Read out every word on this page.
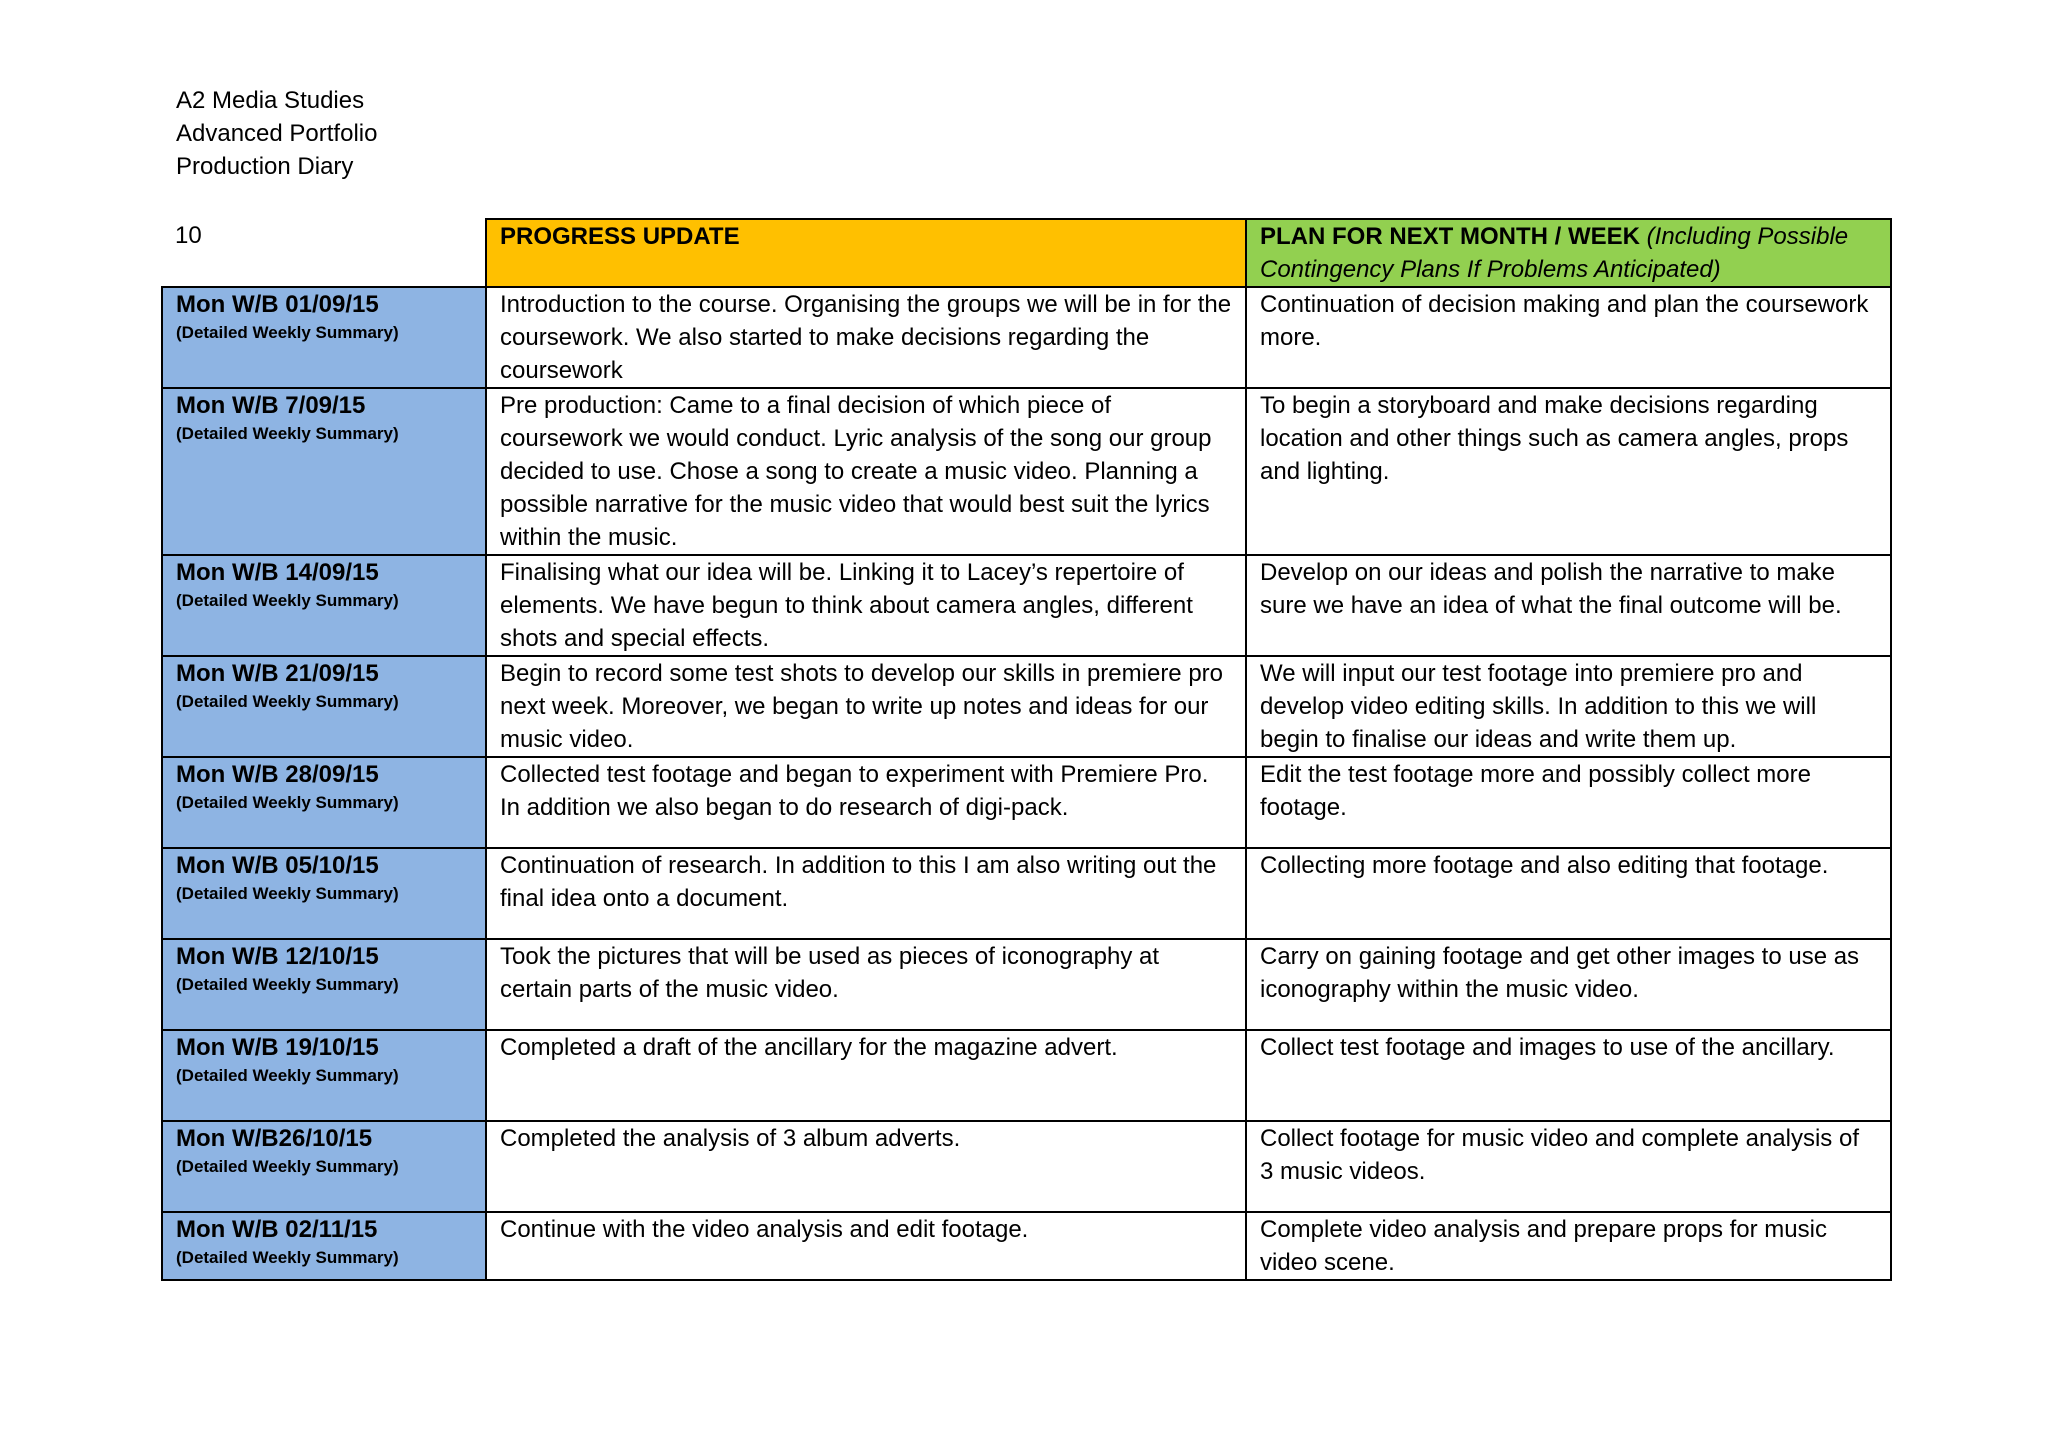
A2 Media Studies
Advanced Portfolio
Production Diary
10	PROGRESS UPDATE	PLAN FOR NEXT MONTH / WEEK (Including Possible Contingency Plans If Problems Anticipated)

Mon W/B 01/09/15
(Detailed Weekly Summary)	Introduction to the course. Organising the groups we will be in for the coursework. We also started to make decisions regarding the coursework	Continuation of decision making and plan the coursework more.

Mon W/B 7/09/15
(Detailed Weekly Summary)	Pre production: Came to a final decision of which piece of coursework we would conduct. Lyric analysis of the song our group decided to use. Chose a song to create a music video. Planning a possible narrative for the music video that would best suit the lyrics within the music.	To begin a storyboard and make decisions regarding location and other things such as camera angles, props and lighting.

Mon W/B 14/09/15
(Detailed Weekly Summary)	Finalising what our idea will be. Linking it to Lacey’s repertoire of elements. We have begun to think about camera angles, different shots and special effects.	Develop on our ideas and polish the narrative to make sure we have an idea of what the final outcome will be.

Mon W/B 21/09/15
(Detailed Weekly Summary)	Begin to record some test shots to develop our skills in premiere pro next week. Moreover, we began to write up notes and ideas for our music video.	We will input our test footage into premiere pro and develop video editing skills. In addition to this we will begin to finalise our ideas and write them up.

Mon W/B 28/09/15
(Detailed Weekly Summary)	Collected test footage and began to experiment with Premiere Pro. In addition we also began to do research of digi-pack.	Edit the test footage more and possibly collect more footage.

Mon W/B 05/10/15
(Detailed Weekly Summary)	Continuation of research. In addition to this I am also writing out the final idea onto a document.	Collecting more footage and also editing that footage.

Mon W/B 12/10/15
(Detailed Weekly Summary)	Took the pictures that will be used as pieces of iconography at certain parts of the music video.	Carry on gaining footage and get other images to use as iconography within the music video.

Mon W/B 19/10/15
(Detailed Weekly Summary)	Completed a draft of the ancillary for the magazine advert.	Collect test footage and images to use of the ancillary.

Mon W/B26/10/15
(Detailed Weekly Summary)	Completed the analysis of 3 album adverts.	Collect footage for music video and complete analysis of 3 music videos.

Mon W/B 02/11/15
(Detailed Weekly Summary)	Continue with the video analysis and edit footage.	Complete video analysis and prepare props for music video scene.
